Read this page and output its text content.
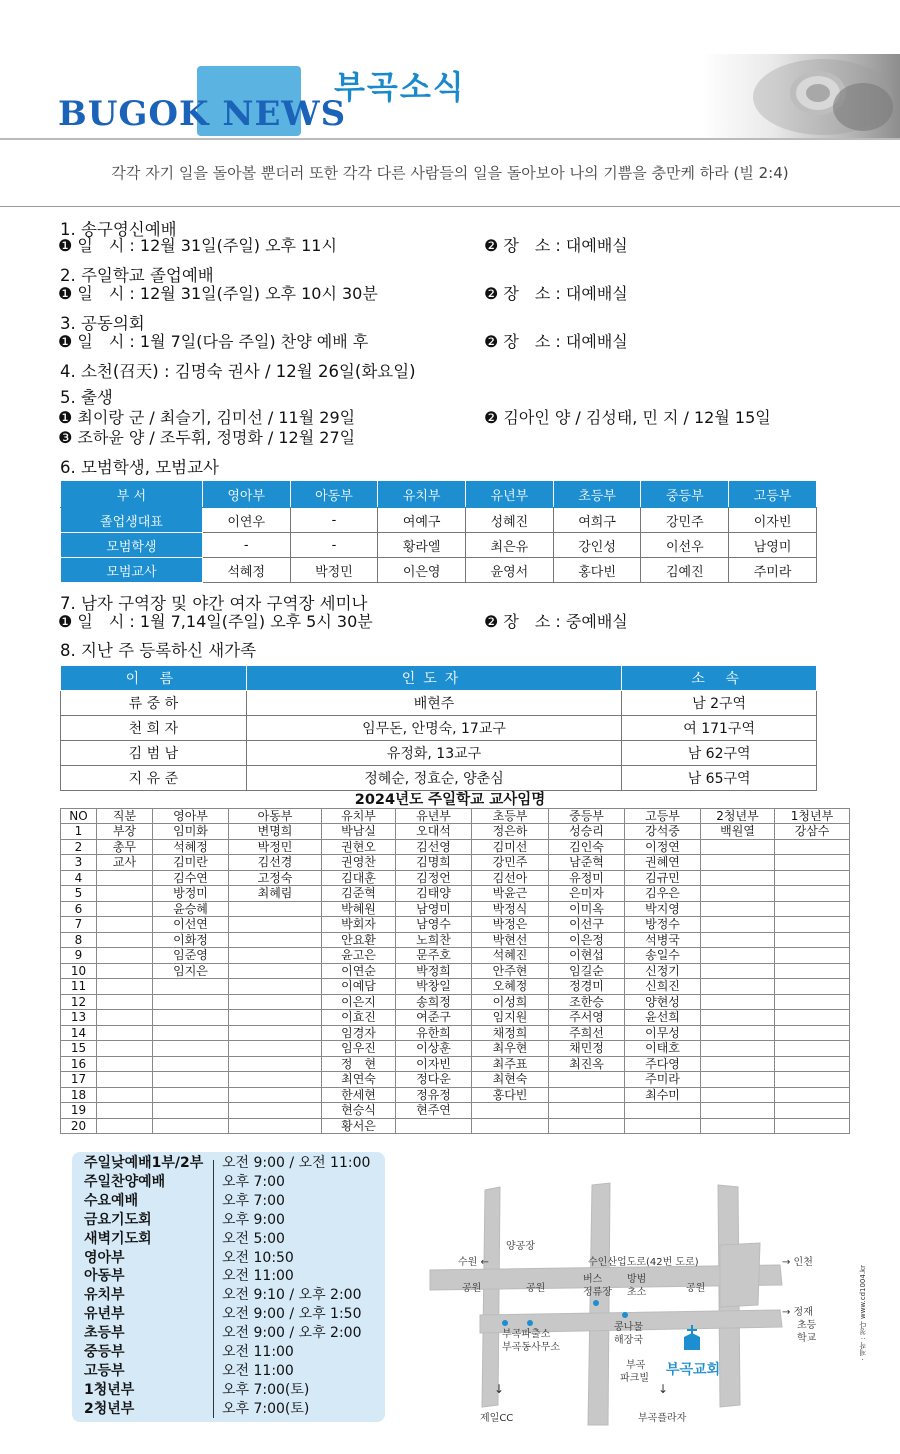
BUGOK NEWS
부곡소식
각각 자기 일을 돌아볼 뿐더러 또한 각각 다른 사람들의 일을 돌아보아 나의 기쁨을 충만케 하라 (빌 2:4)
1. 송구영신예배
❶ 일　시 : 12월 31일(주일) 오후 11시	❷ 장　소 : 대예배실
2. 주일학교 졸업예배
❶ 일　시 : 12월 31일(주일) 오후 10시 30분	❷ 장　소 : 대예배실
3. 공동의회
❶ 일　시 : 1월 7일(다음 주일) 찬양 예배 후	❷ 장　소 : 대예배실
4. 소천(召天) : 김명숙 권사 / 12월 26일(화요일)
5. 출생
❶ 최이랑 군 / 최슬기, 김미선 / 11월 29일	❷ 김아인 양 / 김성태, 민 지 / 12월 15일
❸ 조하윤 양 / 조두휘, 정명화 / 12월 27일
6. 모범학생, 모범교사
부 서	영아부	아동부	유치부	유년부	초등부	중등부	고등부
졸업생대표	이연우	-	여예구	성혜진	여희구	강민주	이자빈
모범학생	-	-	황라엘	최은유	강인성	이선우	남영미
모범교사	석혜정	박정민	이은영	윤영서	홍다빈	김예진	주미라
7. 남자 구역장 및 야간 여자 구역장 세미나
❶ 일　시 : 1월 7,14일(주일) 오후 5시 30분	❷ 장　소 : 중예배실
8. 지난 주 등록하신 새가족
이 름	인도자	소 속
류 중 하	배현주	남 2구역
천 희 자	임무돈, 안명숙, 17교구	여 171구역
김 범 남	유정화, 13교구	남 62구역
지 유 준	정혜순, 정효순, 양춘심	남 65구역
2024년도 주일학교 교사임명
NO	직분	영아부	아동부	유치부	유년부	초등부	중등부	고등부	2청년부	1청년부
1	부장	임미화	변명희	박남실	오대석	정은하	성승리	강석중	백원열	강삼수
2	총무	석혜정	박정민	권현오	김선영	김미선	김인숙	이정연		
3	교사	김미란	김선경	권영찬	김명희	강민주	남준혁	권혜연		
4		김수연	고정숙	김대훈	김정언	김선아	유정미	김규민		
5		방정미	최혜림	김준혁	김태양	박윤근	은미자	김우은		
6		윤승혜		박혜원	남영미	박정식	이미옥	박지영		
7		이선연		박회자	남영수	박정은	이선구	방정수		
8		이화정		안요환	노희찬	박현선	이은정	석병국		
9		임준영		윤고은	문주호	석혜진	이현섭	송일수		
10		임지은		이연순	박정희	안주현	임길순	신정기		
11				이예담	박창일	오혜정	정경미	신희진		
12				이은지	송희정	이성희	조한승	양현성		
13				이효진	여준구	임지원	주서영	윤선희		
14				임경자	유한희	채정희	주희선	이무성		
15				임우진	이상훈	최우현	채민정	이태호		
16				정　현	이자빈	최주표	최진옥	주다영		
17				최연숙	정다운	최현숙		주미라		
18				한세현	정유정	홍다빈		최수미		
19				현승식	현주연					
20				황서은						
주일낮예배1부/2부 오전 9:00 / 오전 11:00
주일찬양예배	오후 7:00
수요예배	오후 7:00
금요기도회	오후 9:00
새벽기도회	오전 5:00
영아부	오전 10:50
아동부	오전 11:00
유치부	오전 9:10 / 오후 2:00
유년부	오전 9:00 / 오후 1:50
초등부	오전 9:00 / 오후 2:00
중등부	오전 11:00
고등부	오전 11:00
1청년부	오후 7:00(토)
2청년부	오후 7:00(토)
양공장
수원 ←	수인산업도로(42번 도로)	→ 인천
공원	공원	공원
버스
정류장
방범
초소
부곡파출소
부곡동사무소
콩나물
해장국
부곡
파크빌
부곡교회
제일CC	부곡플라자
→ 정재
초등
학교
↓	↓
· 제작 : 청다 www.cd1004.kr
